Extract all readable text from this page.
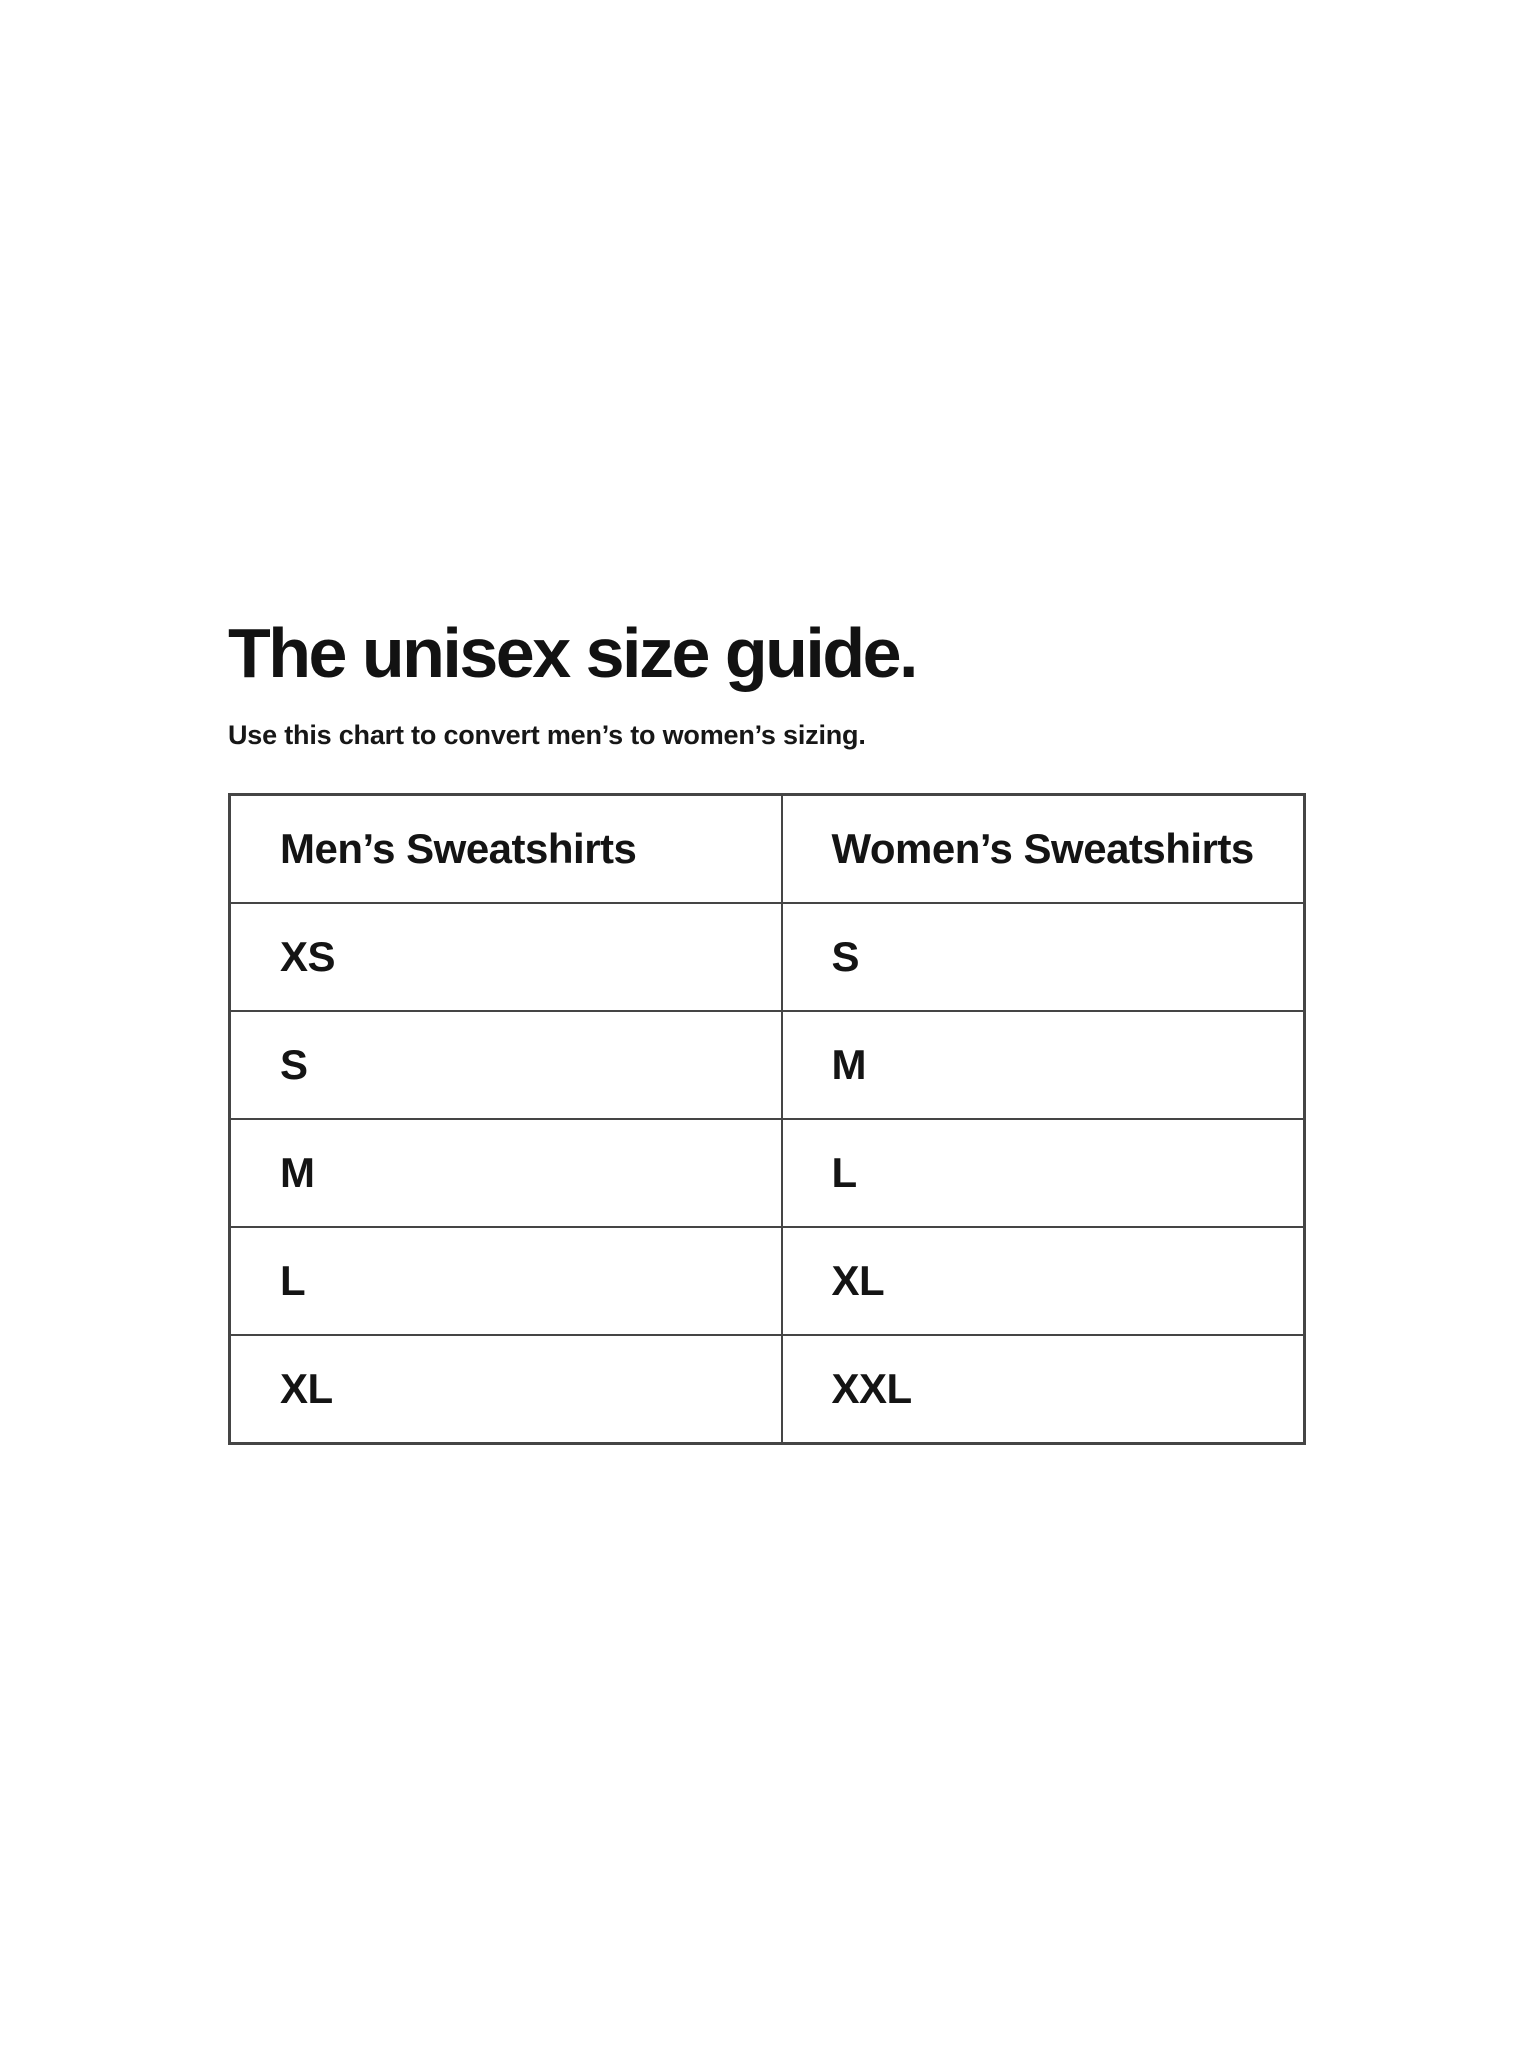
The unisex size guide.

Use this chart to convert men’s to women’s sizing.

Men’s Sweatshirts	Women’s Sweatshirts
XS	S
S	M
M	L
L	XL
XL	XXL
